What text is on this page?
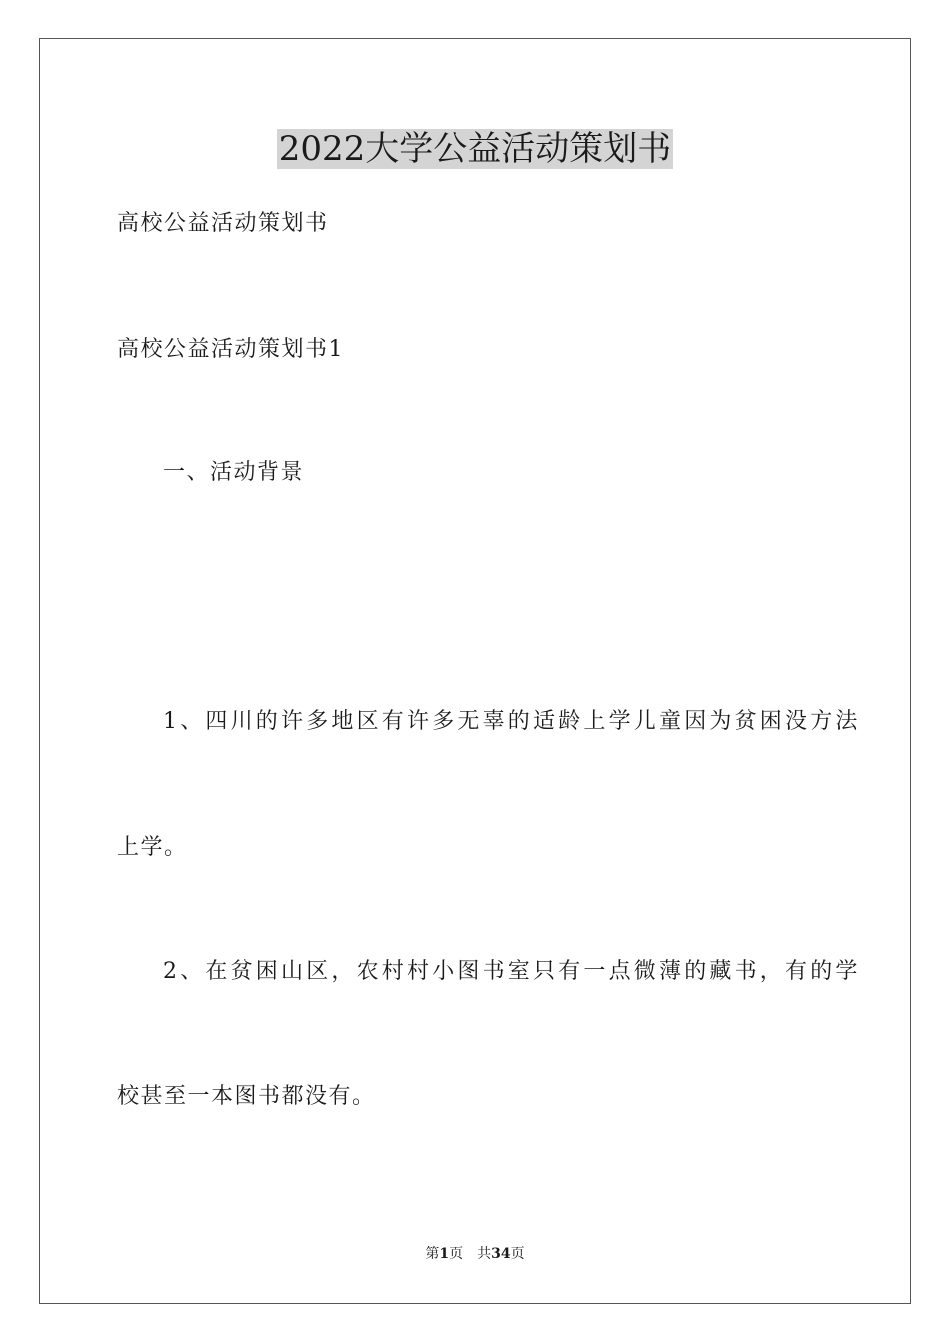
2022大学公益活动策划书
高校公益活动策划书
高校公益活动策划书1
一、活动背景
1、四川的许多地区有许多无辜的适龄上学儿童因为贫困没方法
上学。
2、在贫困山区，农村村小图书室只有一点微薄的藏书，有的学
校甚至一本图书都没有。
第1页 共34页
